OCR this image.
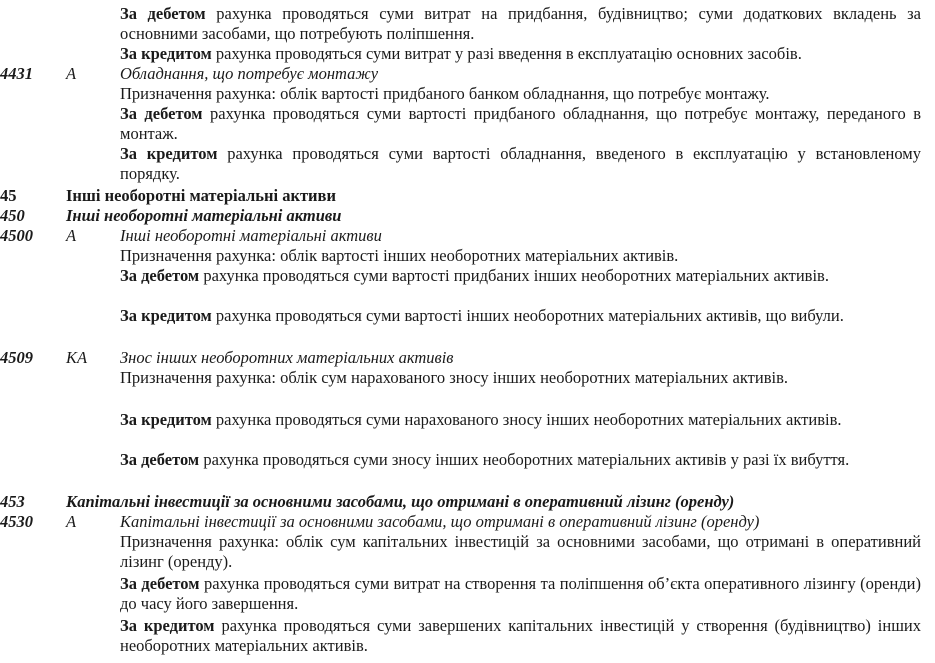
За дебетом рахунка проводяться суми витрат на придбання, будівництво; суми додаткових вкладень за основними засобами, що потребують поліпшення.
За кредитом рахунка проводяться суми витрат у разі введення в експлуатацію основних засобів.
4431 А	Обладнання, що потребує монтажу
Призначення рахунка: облік вартості придбаного банком обладнання, що потребує монтажу.
За дебетом рахунка проводяться суми вартості придбаного обладнання, що потребує монтажу, переданого в монтаж.
За кредитом рахунка проводяться суми вартості обладнання, введеного в експлуатацію у встановленому порядку.
45	Інші необоротні матеріальні активи
450	Інші необоротні матеріальні активи
4500 А	Інші необоротні матеріальні активи
Призначення рахунка: облік вартості інших необоротних матеріальних активів.
За дебетом рахунка проводяться суми вартості придбаних інших необоротних матеріальних активів.
За кредитом рахунка проводяться суми вартості інших необоротних матеріальних активів, що вибули.
4509 КА Знос інших необоротних матеріальних активів
Призначення рахунка: облік сум нарахованого зносу інших необоротних матеріальних активів.
За кредитом рахунка проводяться суми нарахованого зносу інших необоротних матеріальних активів.
За дебетом рахунка проводяться суми зносу інших необоротних матеріальних активів у разі їх вибуття.
453	Капітальні інвестиції за основними засобами, що отримані в оперативний лізинг (оренду)
4530 А	Капітальні інвестиції за основними засобами, що отримані в оперативний лізинг (оренду)
Призначення рахунка: облік сум капітальних інвестицій за основними засобами, що отримані в оперативний лізинг (оренду).
За дебетом рахунка проводяться суми витрат на створення та поліпшення об’єкта оперативного лізингу (оренди) до часу його завершення.
За кредитом рахунка проводяться суми завершених капітальних інвестицій у створення (будівництво) інших необоротних матеріальних активів.
